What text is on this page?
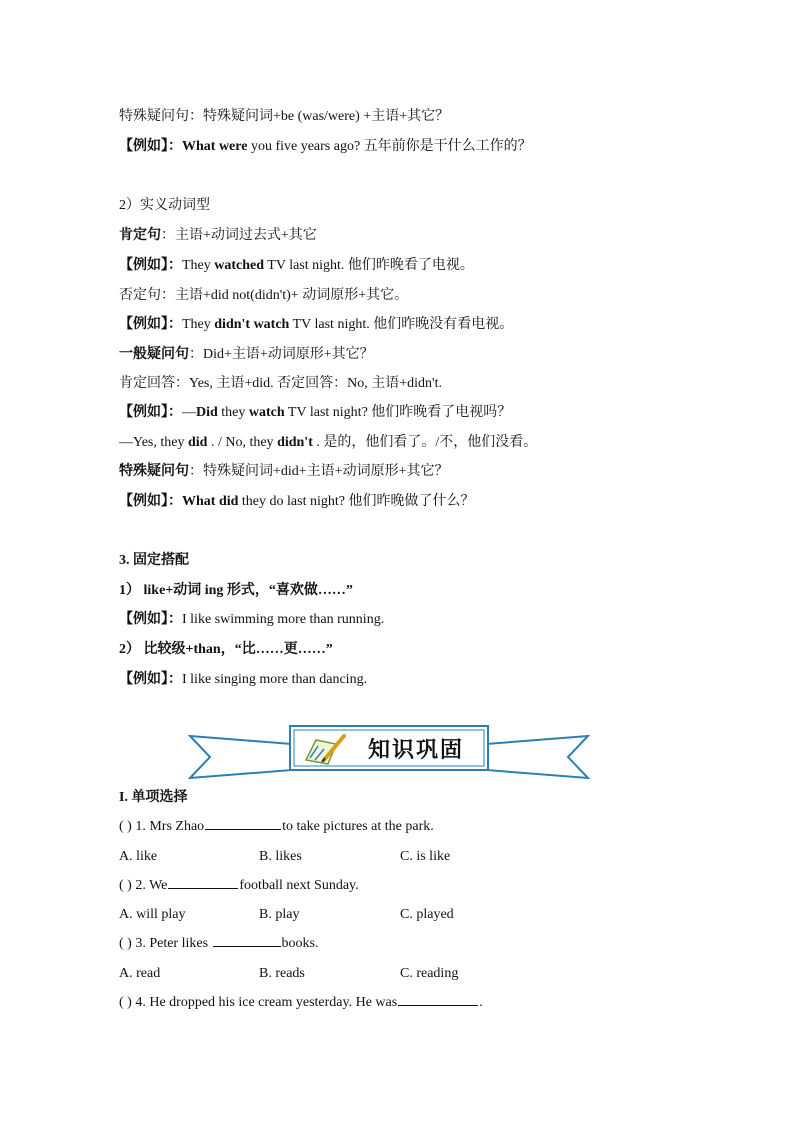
特殊疑问句：特殊疑问词+be (was/were) +主语+其它？
【例如】：What were you five years ago? 五年前你是干什么工作的？
2）实义动词型
肯定句：主语+动词过去式+其它
【例如】：They watched TV last night. 他们昨晚看了电视。
否定句：主语+did not(didn't)+ 动词原形+其它。
【例如】：They didn't watch TV last night. 他们昨晚没有看电视。
一般疑问句：Did+主语+动词原形+其它？
肯定回答：Yes, 主语+did. 否定回答：No, 主语+didn't.
【例如】：—Did they watch TV last night? 他们昨晚看了电视吗？
—Yes, they did . / No, they didn't . 是的，他们看了。/不，他们没看。
特殊疑问句：特殊疑问词+did+主语+动词原形+其它？
【例如】：What did they do last night? 他们昨晚做了什么？
3. 固定搭配
1） like+动词 ing 形式，“喜欢做……”
【例如】：I like swimming more than running.
2） 比较级+than，“比……更……”
【例如】：I like singing more than dancing.
知识巩固
I. 单项选择
( ) 1. Mrs Zhao	to take pictures at the park.
A. like	B. likes	C. is like
( ) 2. We	football next Sunday.
A. will play	B. play	C. played
( ) 3. Peter likes	books.
A. read	B. reads	C. reading
( ) 4. He dropped his ice cream yesterday. He was	.
